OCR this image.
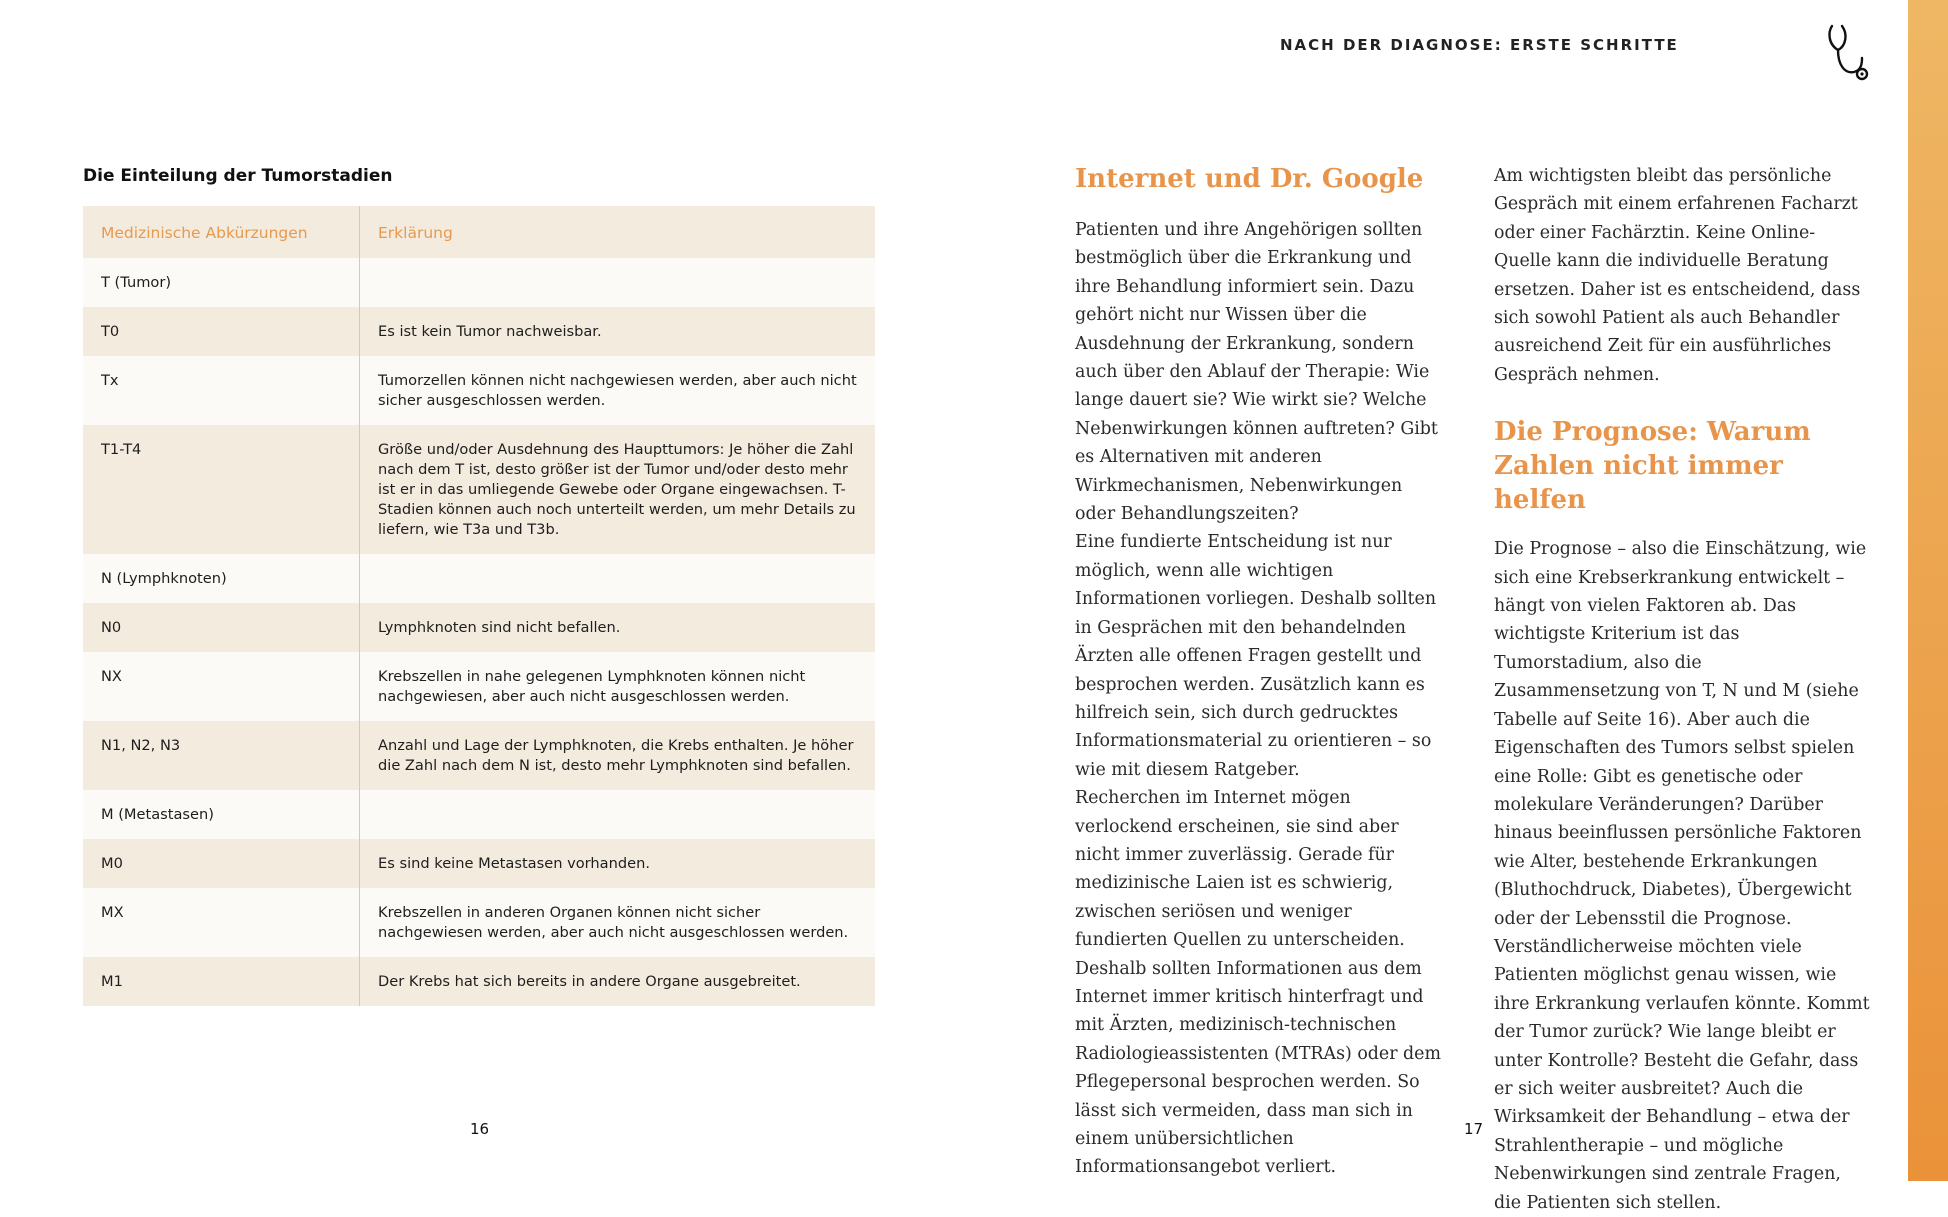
NACH DER DIAGNOSE: ERSTE SCHRITTE
Die Einteilung der Tumorstadien
Medizinische Abkürzungen	Erklärung
T (Tumor)	
T0	Es ist kein Tumor nachweisbar.
Tx	Tumorzellen können nicht nachgewiesen werden, aber auch nicht sicher ausgeschlossen werden.
T1-T4	Größe und/oder Ausdehnung des Haupttumors: Je höher die Zahl nach dem T ist, desto größer ist der Tumor und/oder desto mehr ist er in das umliegende Gewebe oder Organe eingewachsen. T-Stadien können auch noch unterteilt werden, um mehr Details zu liefern, wie T3a und T3b.
N (Lymphknoten)	
N0	Lymphknoten sind nicht befallen.
NX	Krebszellen in nahe gelegenen Lymphknoten können nicht nachgewiesen, aber auch nicht ausgeschlossen werden.
N1, N2, N3	Anzahl und Lage der Lymphknoten, die Krebs enthalten. Je höher die Zahl nach dem N ist, desto mehr Lymphknoten sind befallen.
M (Metastasen)	
M0	Es sind keine Metastasen vorhanden.
MX	Krebszellen in anderen Organen können nicht sicher nachgewiesen werden, aber auch nicht ausgeschlossen werden.
M1	Der Krebs hat sich bereits in andere Organe ausgebreitet.
16
Internet und Dr. Google

Patienten und ihre Angehörigen sollten bestmöglich über die Erkrankung und ihre Behandlung informiert sein. Dazu gehört nicht nur Wissen über die Ausdehnung der Erkrankung, sondern auch über den Ablauf der Therapie: Wie lange dauert sie? Wie wirkt sie? Welche Nebenwirkungen können auftreten? Gibt es Alternativen mit anderen Wirkmechanismen, Nebenwirkungen oder Behandlungszeiten?

Eine fundierte Entscheidung ist nur möglich, wenn alle wichtigen Informationen vorliegen. Deshalb sollten in Gesprächen mit den behandelnden Ärzten alle offenen Fragen gestellt und besprochen werden. Zusätzlich kann es hilfreich sein, sich durch gedrucktes Informationsmaterial zu orientieren – so wie mit diesem Ratgeber.

Recherchen im Internet mögen verlockend erscheinen, sie sind aber nicht immer zuverlässig. Gerade für medizinische Laien ist es schwierig, zwischen seriösen und weniger fundierten Quellen zu unterscheiden. Deshalb sollten Informationen aus dem Internet immer kritisch hinterfragt und mit Ärzten, medizinisch-technischen Radiologieassistenten (MTRAs) oder dem Pflegepersonal besprochen werden. So lässt sich vermeiden, dass man sich in einem unübersichtlichen Informationsangebot verliert.

Am wichtigsten bleibt das persönliche Gespräch mit einem erfahrenen Facharzt oder einer Fachärztin. Keine Online-Quelle kann die individuelle Beratung ersetzen. Daher ist es entscheidend, dass sich sowohl Patient als auch Behandler ausreichend Zeit für ein ausführliches Gespräch nehmen.

Die Prognose: Warum Zahlen nicht immer helfen

Die Prognose – also die Einschätzung, wie sich eine Krebserkrankung entwickelt – hängt von vielen Faktoren ab. Das wichtigste Kriterium ist das Tumorstadium, also die Zusammensetzung von T, N und M (siehe Tabelle auf Seite 16). Aber auch die Eigenschaften des Tumors selbst spielen eine Rolle: Gibt es genetische oder molekulare Veränderungen? Darüber hinaus beeinflussen persönliche Faktoren wie Alter, bestehende Erkrankungen (Bluthochdruck, Diabetes), Übergewicht oder der Lebensstil die Prognose.

Verständlicherweise möchten viele Patienten möglichst genau wissen, wie ihre Erkrankung verlaufen könnte. Kommt der Tumor zurück? Wie lange bleibt er unter Kontrolle? Besteht die Gefahr, dass er sich weiter ausbreitet? Auch die Wirksamkeit der Behandlung – etwa der Strahlentherapie – und mögliche Nebenwirkungen sind zentrale Fragen, die Patienten sich stellen.

17
